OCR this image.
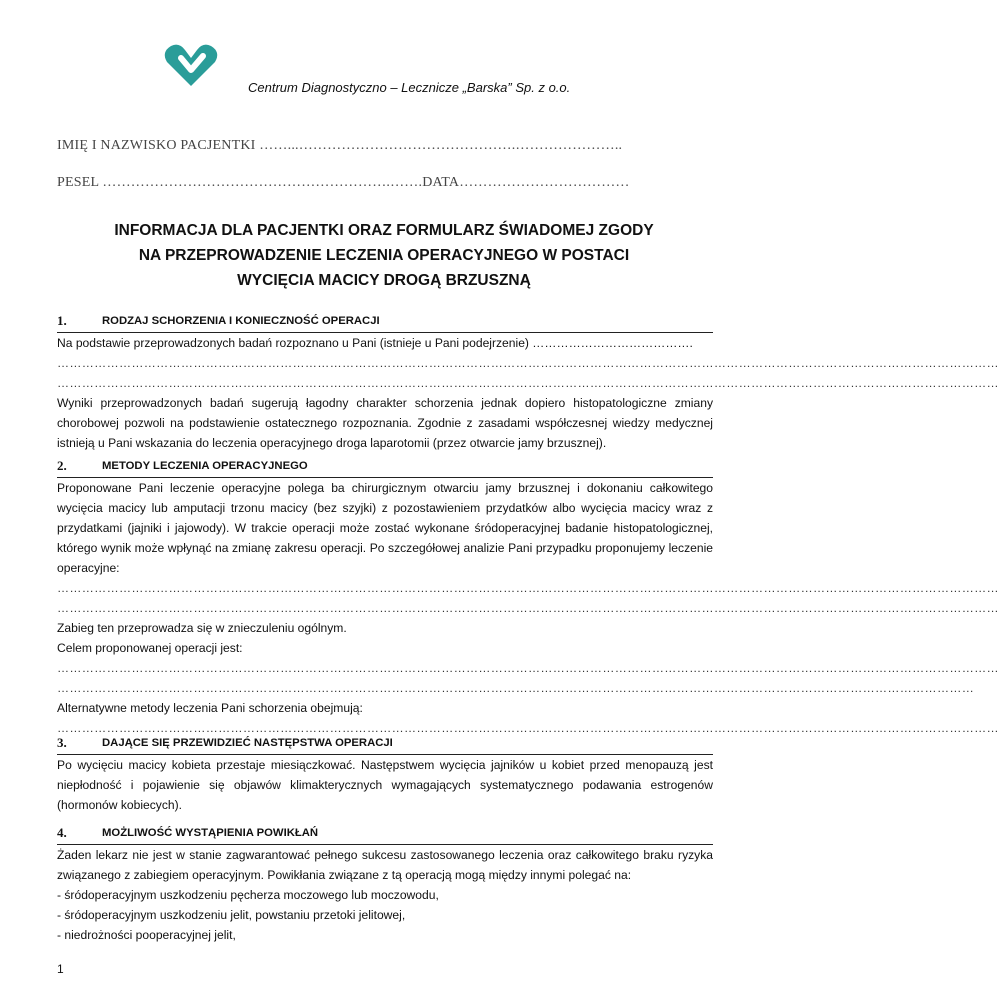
Centrum Diagnostyczno – Lecznicze „Barska” Sp. z o.o.
IMIĘ I NAZWISKO PACJENTKI ……...……………………………………….…………………..
PESEL …………………………………………………….…….DATA………………………………
INFORMACJA DLA PACJENTKI ORAZ FORMULARZ ŚWIADOMEJ ZGODY
NA PRZEPROWADZENIE LECZENIA OPERACYJNEGO W POSTACI
WYCIĘCIA MACICY DROGĄ BRZUSZNĄ
1.	RODZAJ SCHORZENIA I KONIECZNOŚĆ OPERACJI

Na podstawie przeprowadzonych badań rozpoznano u Pani (istnieje u Pani podejrzenie) ………………………………….

…………………………………………………………………………………………………………………………………………………………………………………………………………

…………………………………………………………………………………………………………………………………………………………………………………………………………

Wyniki przeprowadzonych badań sugerują łagodny charakter schorzenia jednak dopiero histopatologiczne zmiany chorobowej pozwoli na podstawienie ostatecznego rozpoznania. Zgodnie z zasadami współczesnej wiedzy medycznej istnieją u Pani wskazania do leczenia operacyjnego droga laparotomii (przez otwarcie jamy brzusznej).

2.	METODY LECZENIA OPERACYJNEGO

Proponowane Pani leczenie operacyjne polega ba chirurgicznym otwarciu jamy brzusznej i dokonaniu całkowitego wycięcia macicy lub amputacji trzonu macicy (bez szyjki) z pozostawieniem przydatków albo wycięcia macicy wraz z przydatkami (jajniki i jajowody). W trakcie operacji może zostać wykonane śródoperacyjnej badanie histopatologicznej, którego wynik może wpłynąć na zmianę zakresu operacji. Po szczegółowej analizie Pani przypadku proponujemy leczenie operacyjne:

…………………………………………………………………………………………………………………………………………………………………………………………………………

…………………………………………………………………………………………………………………………………………………………………………………………………………

Zabieg ten przeprowadza się w znieczuleniu ogólnym.

Celem proponowanej operacji jest:

…………………………………………………………………………………………………………………………………………………………………………………………………………

……………………………………………………………………………………………………………………………………………………………………………………………………

Alternatywne metody leczenia Pani schorzenia obejmują:

…………………………………………………………………………………………………………………………………………………………………………………………………………

3.	DAJĄCE SIĘ PRZEWIDZIEĆ NASTĘPSTWA OPERACJI

Po wycięciu macicy kobieta przestaje miesiączkować. Następstwem wycięcia jajników u kobiet przed menopauzą jest niepłodność i pojawienie się objawów klimakterycznych wymagających systematycznego podawania estrogenów (hormonów kobiecych).

4.	MOŻLIWOŚĆ WYSTĄPIENIA POWIKŁAŃ

Żaden lekarz nie jest w stanie zagwarantować pełnego sukcesu zastosowanego leczenia oraz całkowitego braku ryzyka związanego z zabiegiem operacyjnym. Powikłania związane z tą operacją mogą między innymi polegać na:

- śródoperacyjnym uszkodzeniu pęcherza moczowego lub moczowodu,

- śródoperacyjnym uszkodzeniu jelit, powstaniu przetoki jelitowej,

- niedrożności pooperacyjnej jelit,

1
